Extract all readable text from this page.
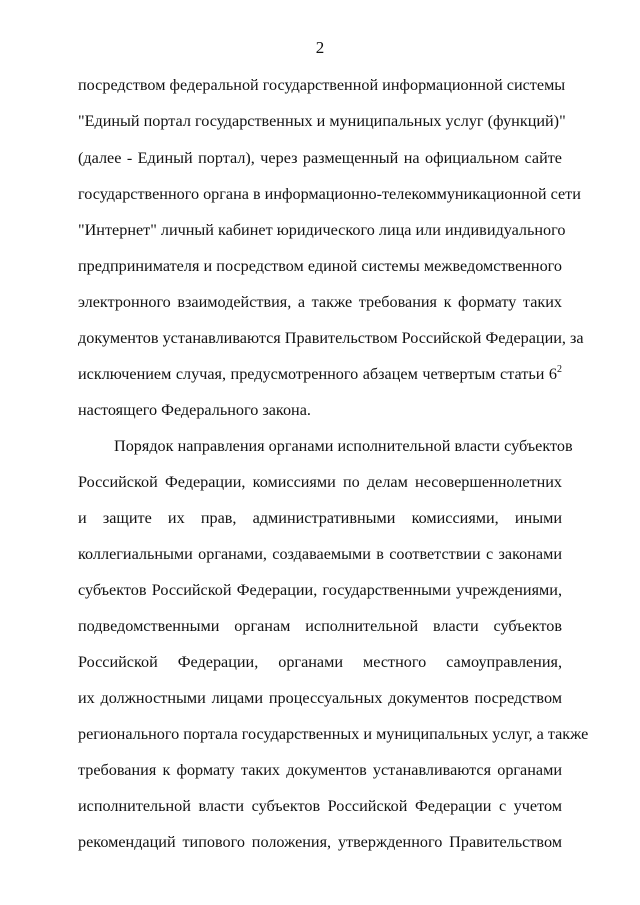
2
посредством федеральной государственной информационной системы
"Единый портал государственных и муниципальных услуг (функций)"
(далее - Единый портал), через размещенный на официальном сайте
государственного органа в информационно-телекоммуникационной сети
"Интернет" личный кабинет юридического лица или индивидуального
предпринимателя и посредством единой системы межведомственного
электронного взаимодействия, а также требования к формату таких
документов устанавливаются Правительством Российской Федерации, за
исключением случая, предусмотренного абзацем четвертым статьи $6^2$
настоящего Федерального закона.
Порядок направления органами исполнительной власти субъектов
Российской Федерации, комиссиями по делам несовершеннолетних
и защите их прав, административными комиссиями, иными
коллегиальными органами, создаваемыми в соответствии с законами
субъектов Российской Федерации, государственными учреждениями,
подведомственными органам исполнительной власти субъектов
Российской Федерации, органами местного самоуправления,
их должностными лицами процессуальных документов посредством
регионального портала государственных и муниципальных услуг, а также
требования к формату таких документов устанавливаются органами
исполнительной власти субъектов Российской Федерации с учетом
рекомендаций типового положения, утвержденного Правительством
